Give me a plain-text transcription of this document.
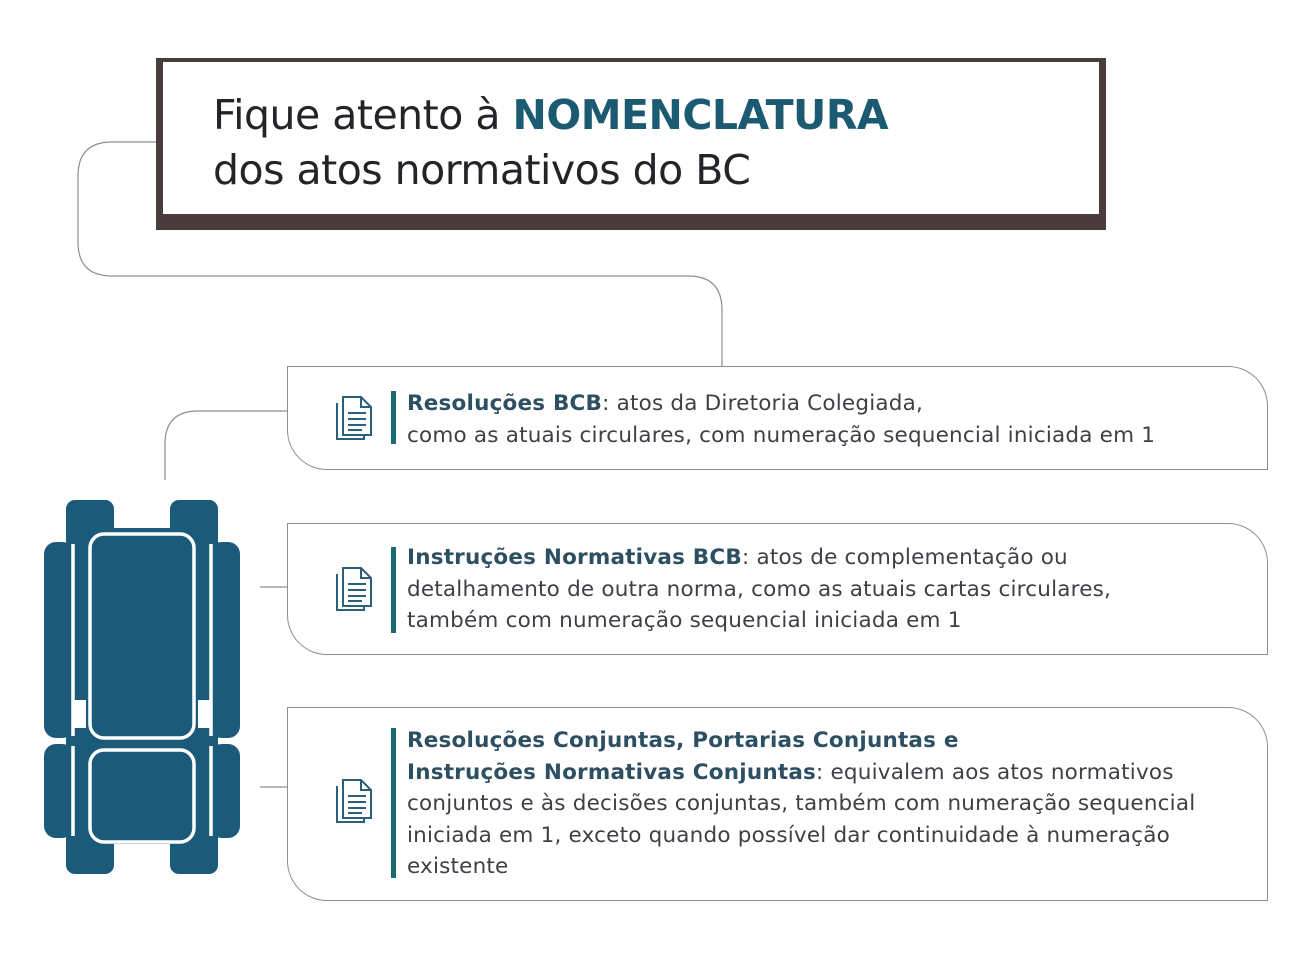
Fique atento à NOMENCLATURA
dos atos normativos do BC
Resoluções BCB: atos da Diretoria Colegiada,
como as atuais circulares, com numeração sequencial iniciada em 1
Instruções Normativas BCB: atos de complementação ou
detalhamento de outra norma, como as atuais cartas circulares,
também com numeração sequencial iniciada em 1
Resoluções Conjuntas, Portarias Conjuntas e
Instruções Normativas Conjuntas: equivalem aos atos normativos
conjuntos e às decisões conjuntas, também com numeração sequencial
iniciada em 1, exceto quando possível dar continuidade à numeração
existente
